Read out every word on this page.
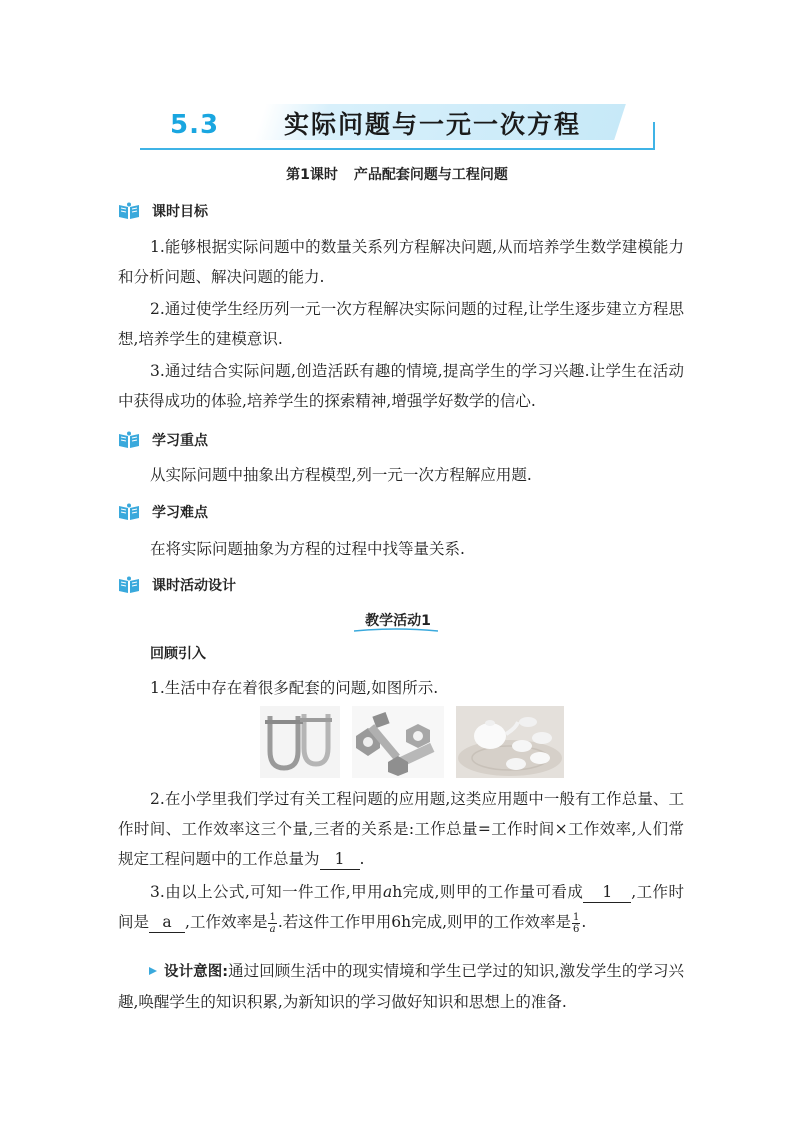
5.3	实际问题与一元一次方程
第1课时 产品配套问题与工程问题
课时目标
1.能够根据实际问题中的数量关系列方程解决问题,从而培养学生数学建模能力和分析问题、解决问题的能力.
2.通过使学生经历列一元一次方程解决实际问题的过程,让学生逐步建立方程思想,培养学生的建模意识.
3.通过结合实际问题,创造活跃有趣的情境,提高学生的学习兴趣.让学生在活动中获得成功的体验,培养学生的探索精神,增强学好数学的信心.
学习重点
从实际问题中抽象出方程模型,列一元一次方程解应用题.
学习难点
在将实际问题抽象为方程的过程中找等量关系.
课时活动设计
教学活动1
回顾引入
1.生活中存在着很多配套的问题,如图所示.
2.在小学里我们学过有关工程问题的应用题,这类应用题中一般有工作总量、工作时间、工作效率这三个量,三者的关系是:工作总量=工作时间×工作效率,人们常规定工程问题中的工作总量为 1 .
3.由以上公式,可知一件工作,甲用ah完成,则甲的工作量可看成 1 ,工作时间是 a ,工作效率是 $\frac{1}{a}$ .若这件工作甲用6h完成,则甲的工作效率是 $\frac{1}{6}$ .
设计意图:通过回顾生活中的现实情境和学生已学过的知识,激发学生的学习兴趣,唤醒学生的知识积累,为新知识的学习做好知识和思想上的准备.
